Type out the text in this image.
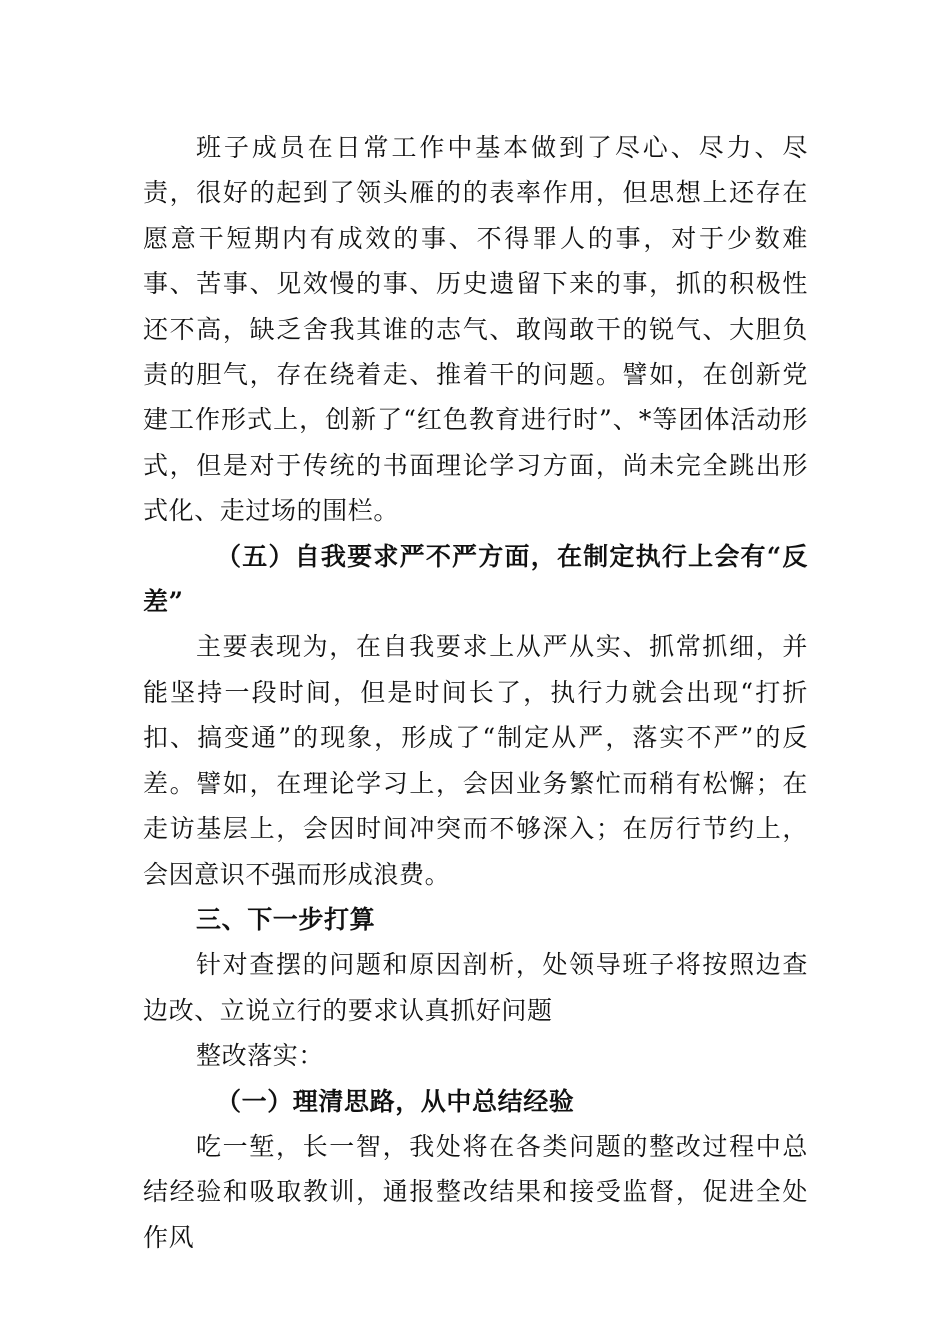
班子成员在日常工作中基本做到了尽心、尽力、尽责，很好的起到了领头雁的的表率作用，但思想上还存在愿意干短期内有成效的事、不得罪人的事，对于少数难事、苦事、见效慢的事、历史遗留下来的事，抓的积极性还不高，缺乏舍我其谁的志气、敢闯敢干的锐气、大胆负责的胆气，存在绕着走、推着干的问题。譬如，在创新党建工作形式上，创新了“红色教育进行时”、*等团体活动形式，但是对于传统的书面理论学习方面，尚未完全跳出形式化、走过场的围栏。

（五）自我要求严不严方面，在制定执行上会有“反差”

主要表现为，在自我要求上从严从实、抓常抓细，并能坚持一段时间，但是时间长了，执行力就会出现“打折扣、搞变通”的现象，形成了“制定从严，落实不严”的反差。譬如，在理论学习上，会因业务繁忙而稍有松懈；在走访基层上，会因时间冲突而不够深入；在厉行节约上，会因意识不强而形成浪费。

三、下一步打算

针对查摆的问题和原因剖析，处领导班子将按照边查边改、立说立行的要求认真抓好问题

整改落实：

（一）理清思路，从中总结经验

吃一堑，长一智，我处将在各类问题的整改过程中总结经验和吸取教训，通报整改结果和接受监督，促进全处作风
